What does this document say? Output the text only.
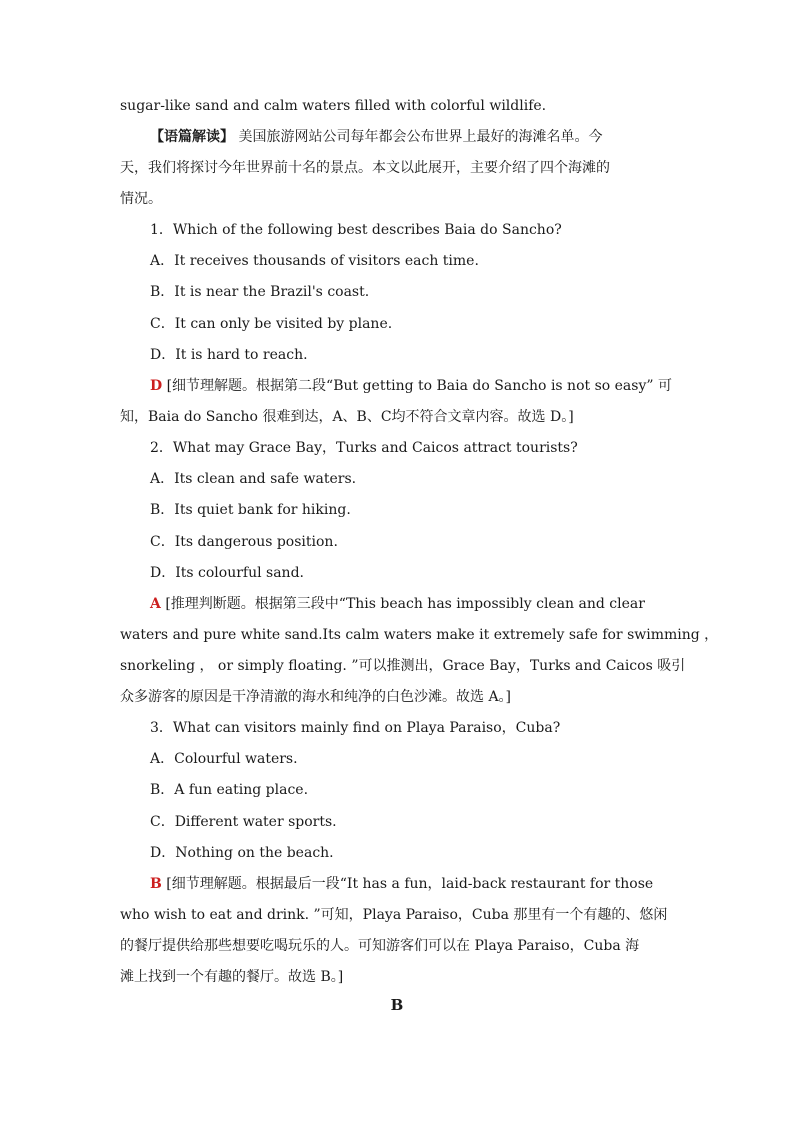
sugar-like sand and calm waters filled with colorful wildlife.
【语篇解读】 美国旅游网站公司每年都会公布世界上最好的海滩名单。今
天，我们将探讨今年世界前十名的景点。本文以此展开，主要介绍了四个海滩的
情况。
1．Which of the following best describes Baia do Sancho?
A．It receives thousands of visitors each time.
B．It is near the Brazil's coast.
C．It can only be visited by plane.
D．It is hard to reach.
D [细节理解题。根据第二段“But getting to Baia do Sancho is not so easy” 可
知，Baia do Sancho 很难到达，A、B、C均不符合文章内容。故选 D。]
2．What may Grace Bay，Turks and Caicos attract tourists?
A．Its clean and safe waters.
B．Its quiet bank for hiking.
C．Its dangerous position.
D．Its colourful sand.
A [推理判断题。根据第三段中“This beach has impossibly clean and clear
waters and pure white sand.Its calm waters make it extremely safe for swimming ，
snorkeling ， or simply floating. ”可以推测出，Grace Bay，Turks and Caicos 吸引
众多游客的原因是干净清澈的海水和纯净的白色沙滩。故选 A。]
3．What can visitors mainly find on Playa Paraiso，Cuba?
A．Colourful waters.
B．A fun eating place.
C．Different water sports.
D．Nothing on the beach.
B [细节理解题。根据最后一段“It has a fun，laid‑back restaurant for those
who wish to eat and drink. ”可知，Playa Paraiso，Cuba 那里有一个有趣的、悠闲
的餐厅提供给那些想要吃喝玩乐的人。可知游客们可以在 Playa Paraiso，Cuba 海
滩上找到一个有趣的餐厅。故选 B。]
B
